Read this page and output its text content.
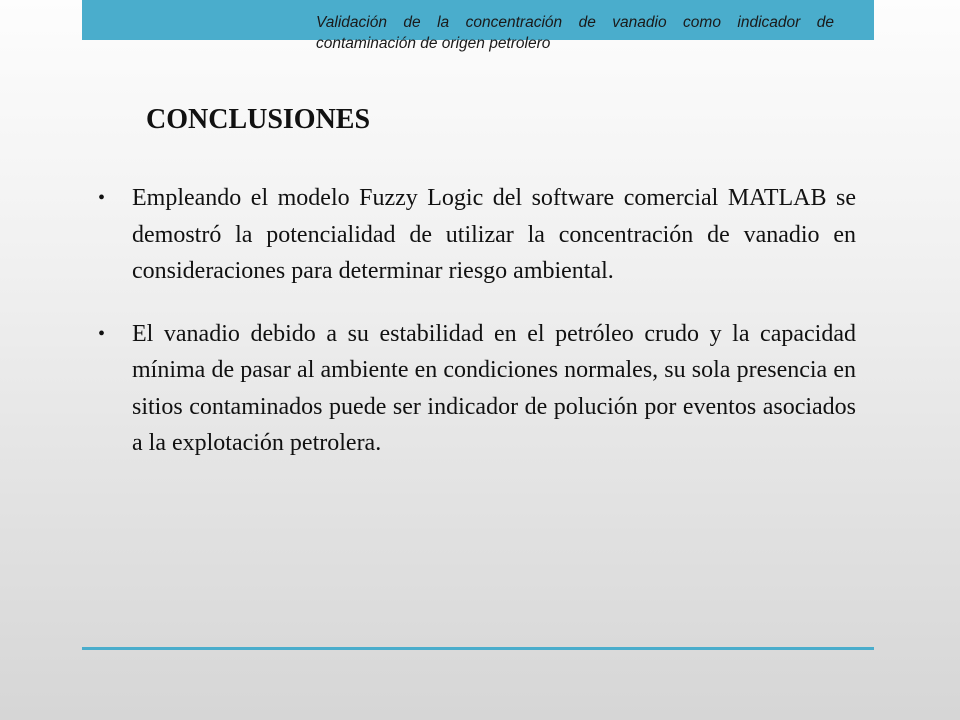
Validación de la concentración de vanadio como indicador de contaminación de origen petrolero
CONCLUSIONES
• Empleando el modelo Fuzzy Logic del software comercial MATLAB se demostró la potencialidad de utilizar la concentración de vanadio en consideraciones para determinar riesgo ambiental.
• El vanadio debido a su estabilidad en el petróleo crudo y la capacidad mínima de pasar al ambiente en condiciones normales, su sola presencia en sitios contaminados puede ser indicador de polución por eventos asociados a la explotación petrolera.
